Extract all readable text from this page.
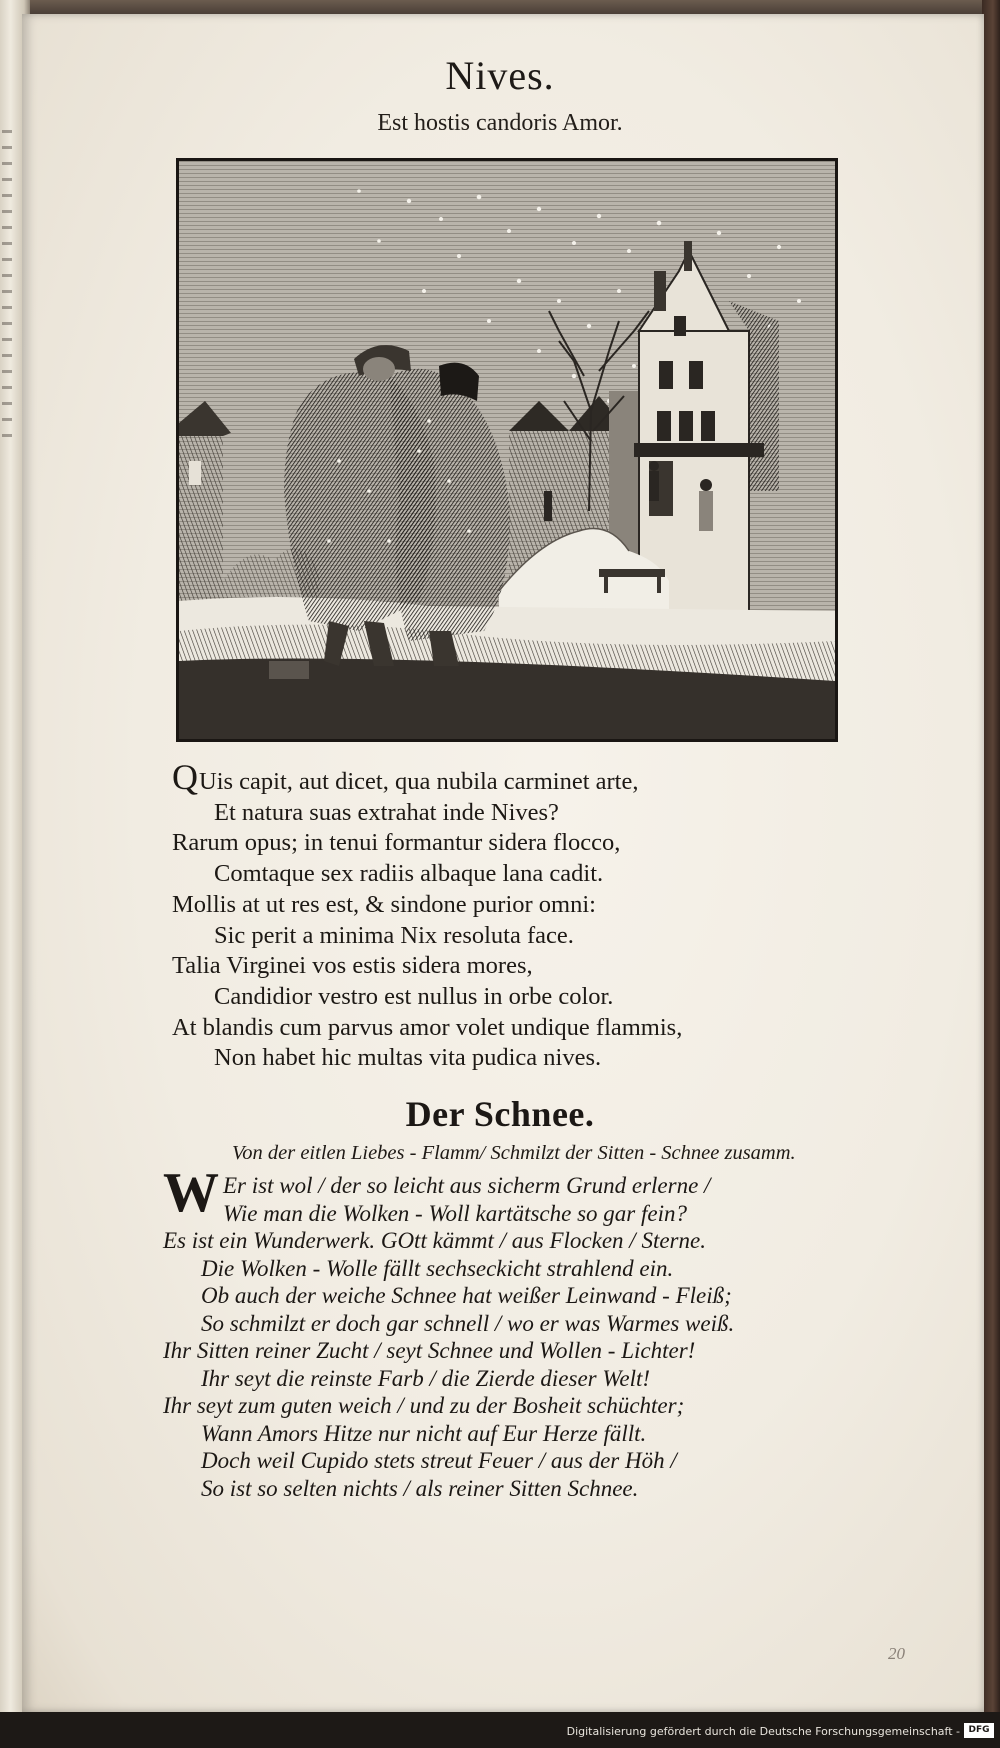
Nives.
Est hostis candoris Amor.
QUis capit, aut dicet, qua nubila carminet arte,
Et natura suas extrahat inde Nives?
Rarum opus; in tenui formantur sidera flocco,
Comtaque sex radiis albaque lana cadit.
Mollis at ut res est, & sindone purior omni:
Sic perit a minima Nix resoluta face.
Talia Virginei vos estis sidera mores,
Candidior vestro est nullus in orbe color.
At blandis cum parvus amor volet undique flammis,
Non habet hic multas vita pudica nives.
Der Schnee.
Von der eitlen Liebes - Flamm/ Schmilzt der Sitten - Schnee zusamm.
W Er ist wol / der so leicht aus sicherm Grund erlerne /
Wie man die Wolken - Woll kartätsche so gar fein?
Es ist ein Wunderwerk. GOtt kämmt / aus Flocken / Sterne.
Die Wolken - Wolle fällt sechseckicht strahlend ein.
Ob auch der weiche Schnee hat weißer Leinwand - Fleiß;
So schmilzt er doch gar schnell / wo er was Warmes weiß.
Ihr Sitten reiner Zucht / seyt Schnee und Wollen - Lichter!
Ihr seyt die reinste Farb / die Zierde dieser Welt!
Ihr seyt zum guten weich / und zu der Bosheit schüchter;
Wann Amors Hitze nur nicht auf Eur Herze fällt.
Doch weil Cupido stets streut Feuer / aus der Höh /
So ist so selten nichts / als reiner Sitten Schnee.
20
Digitalisierung gefördert durch die Deutsche Forschungsgemeinschaft - DFG
